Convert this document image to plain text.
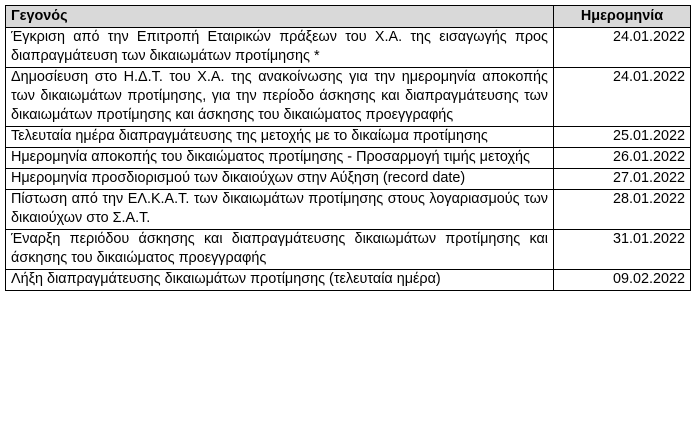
Γεγονός	Ημερομηνία
Έγκριση από την Επιτροπή Εταιρικών πράξεων του Χ.Α. της εισαγωγής προς διαπραγμάτευση των δικαιωμάτων προτίμησης *	24.01.2022
Δημοσίευση στο Η.Δ.Τ. του Χ.Α. της ανακοίνωσης για την ημερομηνία αποκοπής των δικαιωμάτων προτίμησης, για την περίοδο άσκησης και διαπραγμάτευσης των δικαιωμάτων προτίμησης και άσκησης του δικαιώματος προεγγραφής	24.01.2022
Τελευταία ημέρα διαπραγμάτευσης της μετοχής με το δικαίωμα προτίμησης	25.01.2022
Ημερομηνία αποκοπής του δικαιώματος προτίμησης - Προσαρμογή τιμής μετοχής	26.01.2022
Ημερομηνία προσδιορισμού των δικαιούχων στην Αύξηση (record date)	27.01.2022
Πίστωση από την ΕΛ.Κ.Α.Τ. των δικαιωμάτων προτίμησης στους λογαριασμούς των δικαιούχων στο Σ.Α.Τ.	28.01.2022
Έναρξη περιόδου άσκησης και διαπραγμάτευσης δικαιωμάτων προτίμησης και άσκησης του δικαιώματος προεγγραφής	31.01.2022
Λήξη διαπραγμάτευσης δικαιωμάτων προτίμησης (τελευταία ημέρα)	09.02.2022
